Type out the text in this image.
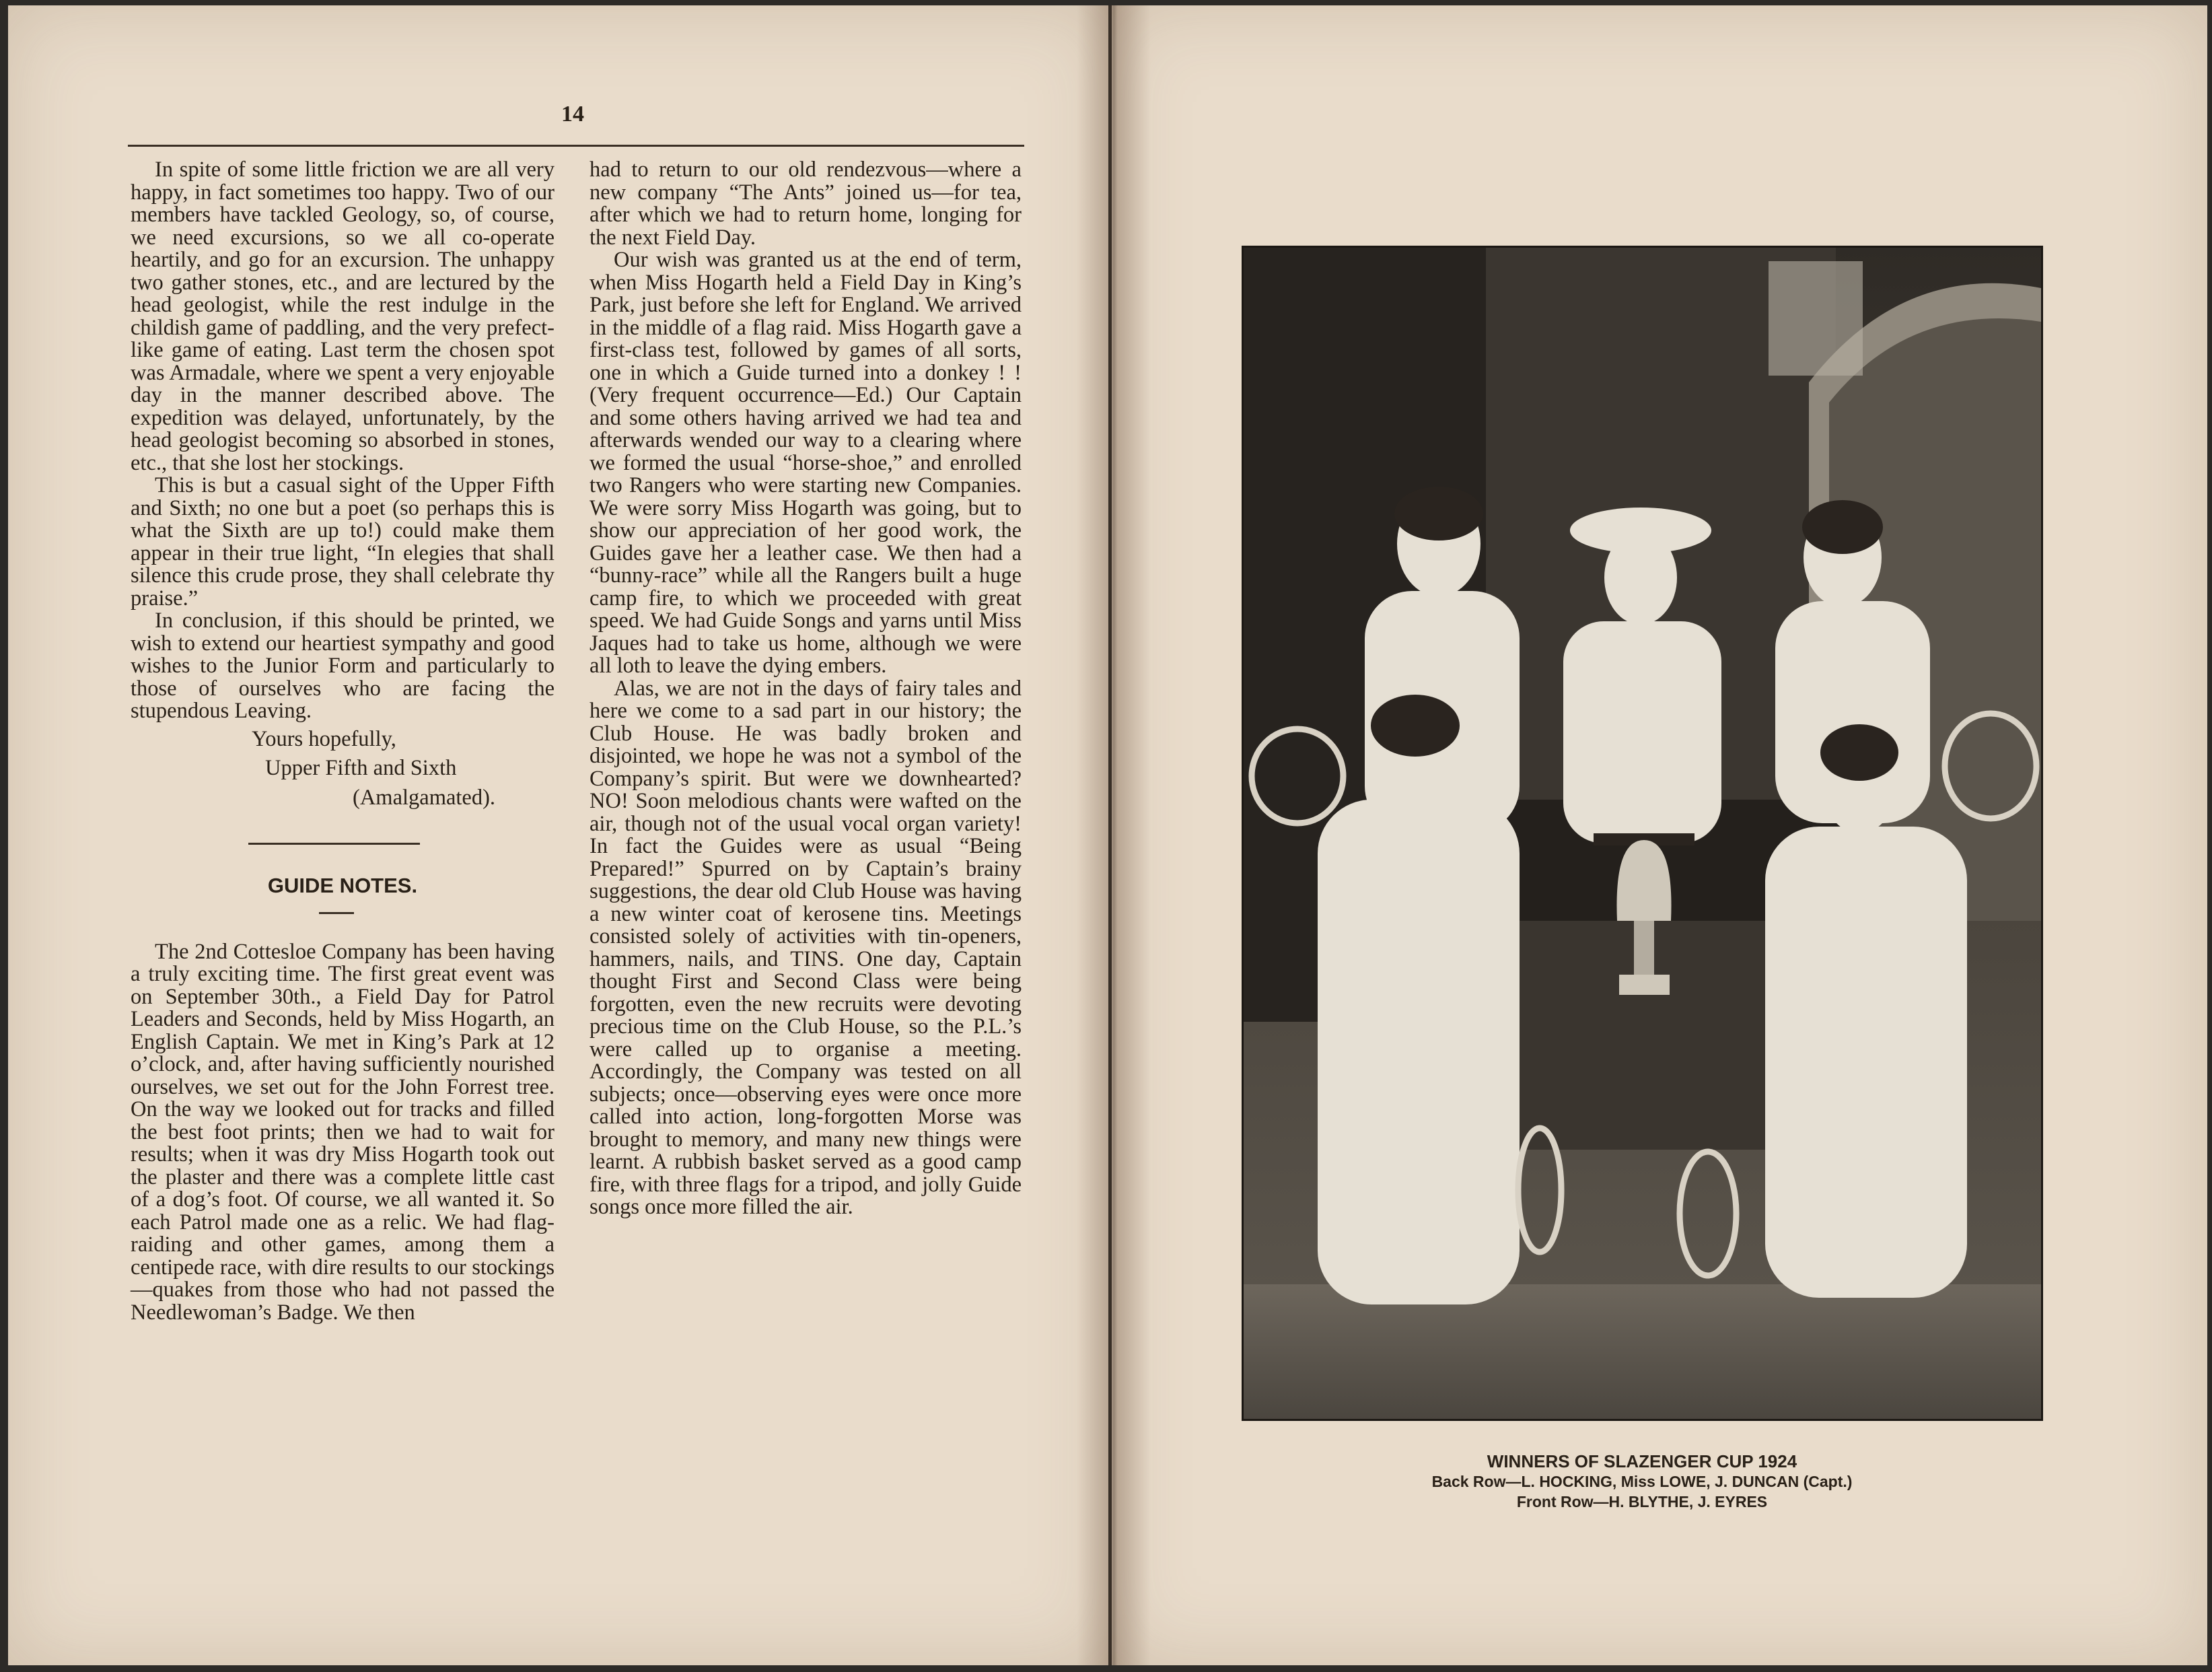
14

In spite of some little friction we are all very happy, in fact sometimes too happy. Two of our members have tackled Geology, so, of course, we need excursions, so we all co-operate heartily, and go for an excursion. The unhappy two gather stones, etc., and are lectured by the head geologist, while the rest indulge in the childish game of paddling, and the very prefect-like game of eating. Last term the chosen spot was Armadale, where we spent a very enjoyable day in the manner described above. The expedition was delayed, unfortunately, by the head geologist becoming so absorbed in stones, etc., that she lost her stockings.

This is but a casual sight of the Upper Fifth and Sixth; no one but a poet (so perhaps this is what the Sixth are up to!) could make them appear in their true light, “In elegies that shall silence this crude prose, they shall celebrate thy praise.”

In conclusion, if this should be printed, we wish to extend our heartiest sympathy and good wishes to the Junior Form and particularly to those of ourselves who are facing the stupendous Leaving.

Yours hopefully,
Upper Fifth and Sixth
(Amalgamated).
GUIDE NOTES.

The 2nd Cottesloe Company has been having a truly exciting time. The first great event was on September 30th., a Field Day for Patrol Leaders and Seconds, held by Miss Hogarth, an English Captain. We met in King’s Park at 12 o’clock, and, after having sufficiently nourished ourselves, we set out for the John Forrest tree. On the way we looked out for tracks and filled the best foot prints; then we had to wait for results; when it was dry Miss Hogarth took out the plaster and there was a complete little cast of a dog’s foot. Of course, we all wanted it. So each Patrol made one as a relic. We had flag-raiding and other games, among them a centipede race, with dire results to our stockings—quakes from those who had not passed the Needlewoman’s Badge. We then

had to return to our old rendezvous—where a new company “The Ants” joined us—for tea, after which we had to return home, longing for the next Field Day.

Our wish was granted us at the end of term, when Miss Hogarth held a Field Day in King’s Park, just before she left for England. We arrived in the middle of a flag raid. Miss Hogarth gave a first-class test, followed by games of all sorts, one in which a Guide turned into a donkey ! ! (Very frequent occurrence—Ed.) Our Captain and some others having arrived we had tea and afterwards wended our way to a clearing where we formed the usual “horse-shoe,” and enrolled two Rangers who were starting new Companies. We were sorry Miss Hogarth was going, but to show our appreciation of her good work, the Guides gave her a leather case. We then had a “bunny-race” while all the Rangers built a huge camp fire, to which we proceeded with great speed. We had Guide Songs and yarns until Miss Jaques had to take us home, although we were all loth to leave the dying embers.

Alas, we are not in the days of fairy tales and here we come to a sad part in our history; the Club House. He was badly broken and disjointed, we hope he was not a symbol of the Company’s spirit. But were we downhearted? NO! Soon melodious chants were wafted on the air, though not of the usual vocal organ variety! In fact the Guides were as usual “Being Prepared!” Spurred on by Captain’s brainy suggestions, the dear old Club House was having a new winter coat of kerosene tins. Meetings consisted solely of activities with tin-openers, hammers, nails, and TINS. One day, Captain thought First and Second Class were being forgotten, even the new recruits were devoting precious time on the Club House, so the P.L.’s were called up to organise a meeting. Accordingly, the Company was tested on all subjects; once—observing eyes were once more called into action, long-forgotten Morse was brought to memory, and many new things were learnt. A rubbish basket served as a good camp fire, with three flags for a tripod, and jolly Guide songs once more filled the air.

WINNERS OF SLAZENGER CUP 1924
Back Row—L. HOCKING, Miss LOWE, J. DUNCAN (Capt.)
Front Row—H. BLYTHE, J. EYRES
